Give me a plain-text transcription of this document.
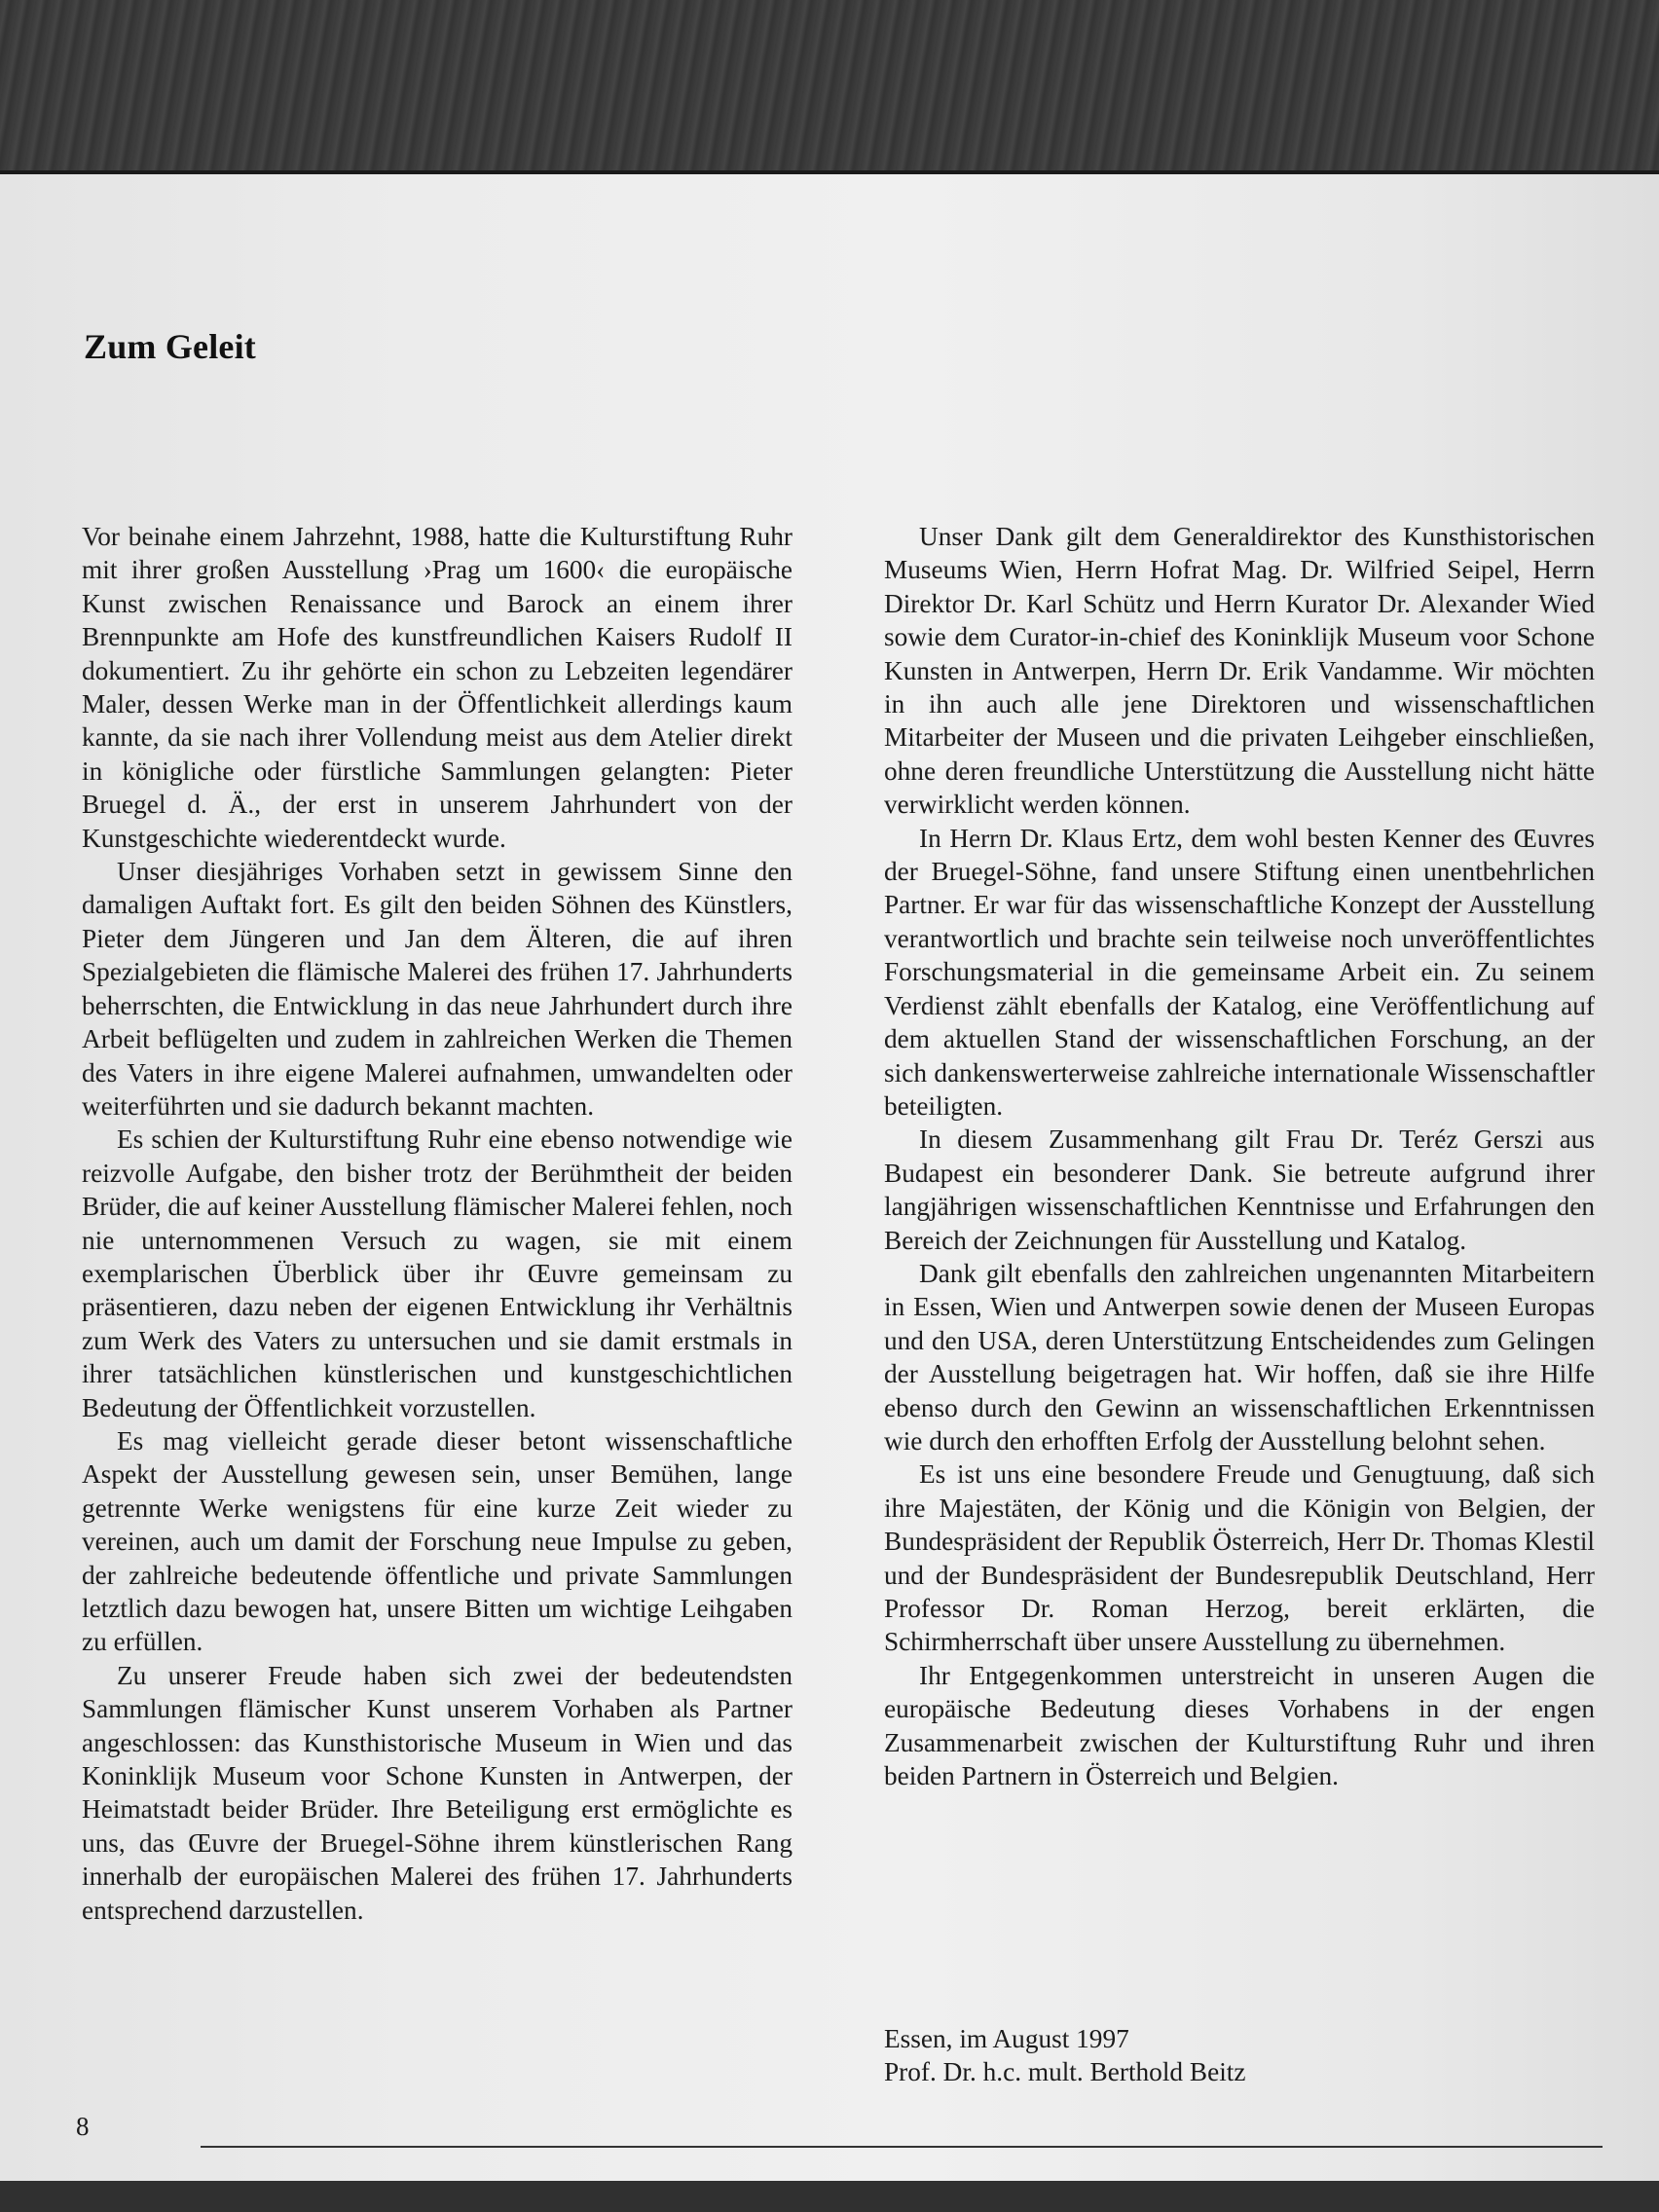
Zum Geleit

Vor beinahe einem Jahrzehnt, 1988, hatte die Kulturstiftung Ruhr mit ihrer großen Ausstellung ›Prag um 1600‹ die europäische Kunst zwischen Renaissance und Barock an einem ihrer Brennpunkte am Hofe des kunstfreundlichen Kaisers Rudolf II dokumentiert. Zu ihr gehörte ein schon zu Lebzeiten legendärer Maler, dessen Werke man in der Öffentlichkeit allerdings kaum kannte, da sie nach ihrer Vollendung meist aus dem Atelier direkt in königliche oder fürstliche Sammlungen gelangten: Pieter Bruegel d. Ä., der erst in unserem Jahrhundert von der Kunstgeschichte wiederentdeckt wurde.

Unser diesjähriges Vorhaben setzt in gewissem Sinne den damaligen Auftakt fort. Es gilt den beiden Söhnen des Künstlers, Pieter dem Jüngeren und Jan dem Älteren, die auf ihren Spezialgebieten die flämische Malerei des frühen 17. Jahrhunderts beherrschten, die Entwicklung in das neue Jahrhundert durch ihre Arbeit beflügelten und zudem in zahlreichen Werken die Themen des Vaters in ihre eigene Malerei aufnahmen, umwandelten oder weiterführten und sie dadurch bekannt machten.

Es schien der Kulturstiftung Ruhr eine ebenso notwendige wie reizvolle Aufgabe, den bisher trotz der Berühmtheit der beiden Brüder, die auf keiner Ausstellung flämischer Malerei fehlen, noch nie unternommenen Versuch zu wagen, sie mit einem exemplarischen Überblick über ihr Œuvre gemeinsam zu präsentieren, dazu neben der eigenen Entwicklung ihr Verhältnis zum Werk des Vaters zu untersuchen und sie damit erstmals in ihrer tatsächlichen künstlerischen und kunstgeschichtlichen Bedeutung der Öffentlichkeit vorzustellen.

Es mag vielleicht gerade dieser betont wissenschaftliche Aspekt der Ausstellung gewesen sein, unser Bemühen, lange getrennte Werke wenigstens für eine kurze Zeit wieder zu vereinen, auch um damit der Forschung neue Impulse zu geben, der zahlreiche bedeutende öffentliche und private Sammlungen letztlich dazu bewogen hat, unsere Bitten um wichtige Leihgaben zu erfüllen.

Zu unserer Freude haben sich zwei der bedeutendsten Sammlungen flämischer Kunst unserem Vorhaben als Partner angeschlossen: das Kunsthistorische Museum in Wien und das Koninklijk Museum voor Schone Kunsten in Antwerpen, der Heimatstadt beider Brüder. Ihre Beteiligung erst ermöglichte es uns, das Œuvre der Bruegel-Söhne ihrem künstlerischen Rang innerhalb der europäischen Malerei des frühen 17. Jahrhunderts entsprechend darzustellen.

Unser Dank gilt dem Generaldirektor des Kunsthistorischen Museums Wien, Herrn Hofrat Mag. Dr. Wilfried Seipel, Herrn Direktor Dr. Karl Schütz und Herrn Kurator Dr. Alexander Wied sowie dem Curator-in-chief des Koninklijk Museum voor Schone Kunsten in Antwerpen, Herrn Dr. Erik Vandamme. Wir möchten in ihn auch alle jene Direktoren und wissenschaftlichen Mitarbeiter der Museen und die privaten Leihgeber einschließen, ohne deren freundliche Unterstützung die Ausstellung nicht hätte verwirklicht werden können.

In Herrn Dr. Klaus Ertz, dem wohl besten Kenner des Œuvres der Bruegel-Söhne, fand unsere Stiftung einen unentbehrlichen Partner. Er war für das wissenschaftliche Konzept der Ausstellung verantwortlich und brachte sein teilweise noch unveröffentlichtes Forschungsmaterial in die gemeinsame Arbeit ein. Zu seinem Verdienst zählt ebenfalls der Katalog, eine Veröffentlichung auf dem aktuellen Stand der wissenschaftlichen Forschung, an der sich dankenswerterweise zahlreiche internationale Wissenschaftler beteiligten.

In diesem Zusammenhang gilt Frau Dr. Teréz Gerszi aus Budapest ein besonderer Dank. Sie betreute aufgrund ihrer langjährigen wissenschaftlichen Kenntnisse und Erfahrungen den Bereich der Zeichnungen für Ausstellung und Katalog.

Dank gilt ebenfalls den zahlreichen ungenannten Mitarbeitern in Essen, Wien und Antwerpen sowie denen der Museen Europas und den USA, deren Unterstützung Entscheidendes zum Gelingen der Ausstellung beigetragen hat. Wir hoffen, daß sie ihre Hilfe ebenso durch den Gewinn an wissenschaftlichen Erkenntnissen wie durch den erhofften Erfolg der Ausstellung belohnt sehen.

Es ist uns eine besondere Freude und Genugtuung, daß sich ihre Majestäten, der König und die Königin von Belgien, der Bundespräsident der Republik Österreich, Herr Dr. Thomas Klestil und der Bundespräsident der Bundesrepublik Deutschland, Herr Professor Dr. Roman Herzog, bereit erklärten, die Schirmherrschaft über unsere Ausstellung zu übernehmen.

Ihr Entgegenkommen unterstreicht in unseren Augen die europäische Bedeutung dieses Vorhabens in der engen Zusammenarbeit zwischen der Kulturstiftung Ruhr und ihren beiden Partnern in Österreich und Belgien.

Essen, im August 1997
Prof. Dr. h.c. mult. Berthold Beitz
8
